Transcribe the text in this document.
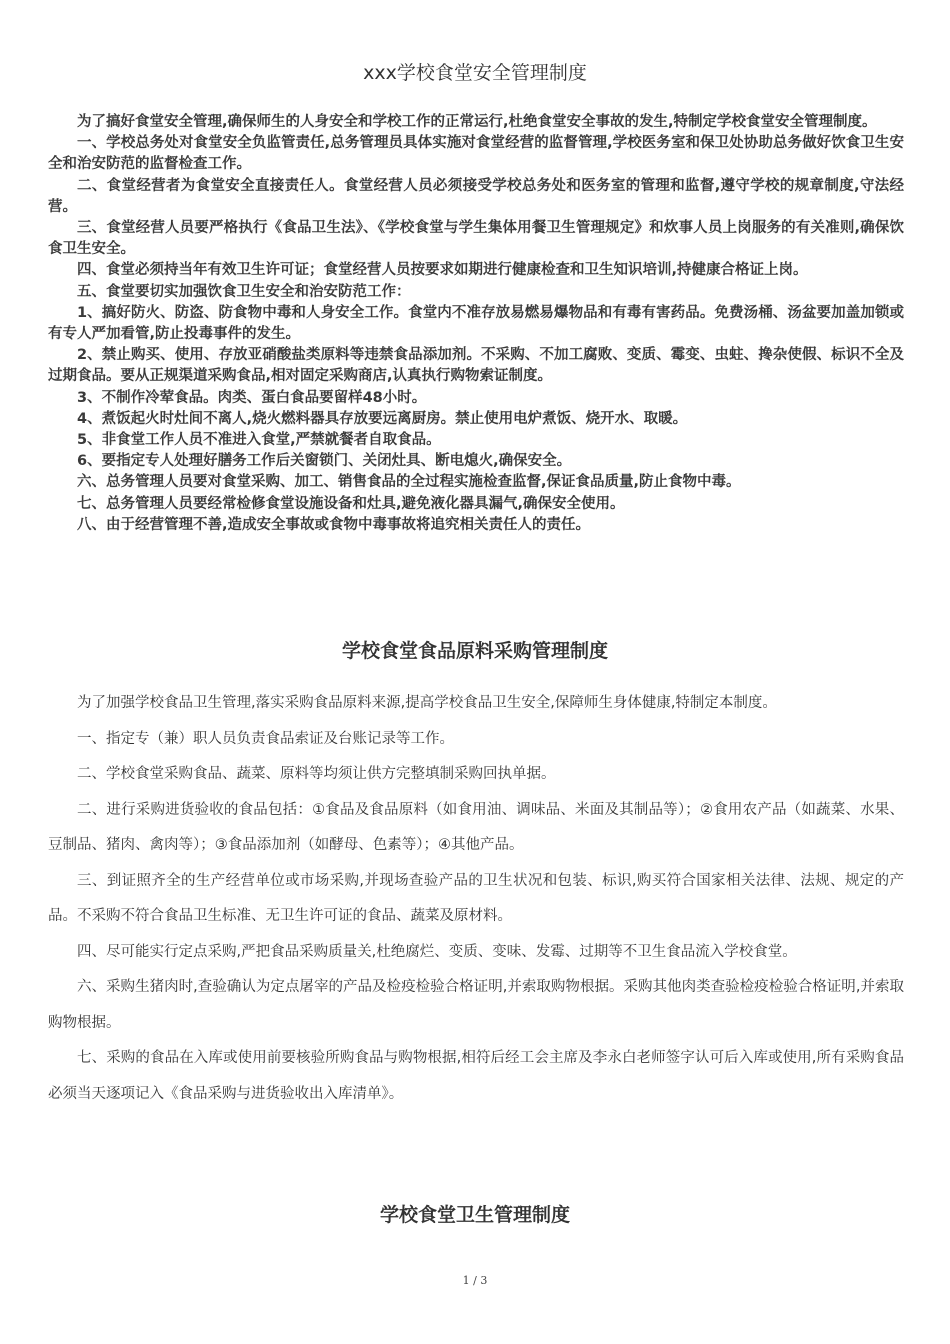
xxx学校食堂安全管理制度

为了搞好食堂安全管理,确保师生的人身安全和学校工作的正常运行,杜绝食堂安全事故的发生,特制定学校食堂安全管理制度。

一、学校总务处对食堂安全负监管责任,总务管理员具体实施对食堂经营的监督管理,学校医务室和保卫处协助总务做好饮食卫生安全和治安防范的监督检查工作。

二、食堂经营者为食堂安全直接责任人。食堂经营人员必须接受学校总务处和医务室的管理和监督,遵守学校的规章制度,守法经营。

三、食堂经营人员要严格执行《食品卫生法》、《学校食堂与学生集体用餐卫生管理规定》和炊事人员上岗服务的有关准则,确保饮食卫生安全。

四、食堂必须持当年有效卫生许可证；食堂经营人员按要求如期进行健康检查和卫生知识培训,持健康合格证上岗。

五、食堂要切实加强饮食卫生安全和治安防范工作：

1、搞好防火、防盗、防食物中毒和人身安全工作。食堂内不准存放易燃易爆物品和有毒有害药品。免费汤桶、汤盆要加盖加锁或有专人严加看管,防止投毒事件的发生。

2、禁止购买、使用、存放亚硝酸盐类原料等违禁食品添加剂。不采购、不加工腐败、变质、霉变、虫蛀、搀杂使假、标识不全及过期食品。要从正规渠道采购食品,相对固定采购商店,认真执行购物索证制度。

3、不制作冷荤食品。肉类、蛋白食品要留样48小时。

4、煮饭起火时灶间不离人,烧火燃料器具存放要远离厨房。禁止使用电炉煮饭、烧开水、取暖。

5、非食堂工作人员不准进入食堂,严禁就餐者自取食品。

6、要指定专人处理好膳务工作后关窗锁门、关闭灶具、断电熄火,确保安全。

六、总务管理人员要对食堂采购、加工、销售食品的全过程实施检查监督,保证食品质量,防止食物中毒。

七、总务管理人员要经常检修食堂设施设备和灶具,避免液化器具漏气,确保安全使用。

八、由于经营管理不善,造成安全事故或食物中毒事故将追究相关责任人的责任。

学校食堂食品原料采购管理制度

为了加强学校食品卫生管理,落实采购食品原料来源,提高学校食品卫生安全,保障师生身体健康,特制定本制度。

一、指定专（兼）职人员负责食品索证及台账记录等工作。

二、学校食堂采购食品、蔬菜、原料等均须让供方完整填制采购回执单据。

二、进行采购进货验收的食品包括：①食品及食品原料（如食用油、调味品、米面及其制品等）；②食用农产品（如蔬菜、水果、豆制品、猪肉、禽肉等）；③食品添加剂（如酵母、色素等）；④其他产品。

三、到证照齐全的生产经营单位或市场采购,并现场查验产品的卫生状况和包装、标识,购买符合国家相关法律、法规、规定的产品。不采购不符合食品卫生标准、无卫生许可证的食品、蔬菜及原材料。

四、尽可能实行定点采购,严把食品采购质量关,杜绝腐烂、变质、变味、发霉、过期等不卫生食品流入学校食堂。

六、采购生猪肉时,查验确认为定点屠宰的产品及检疫检验合格证明,并索取购物根据。采购其他肉类查验检疫检验合格证明,并索取购物根据。

七、采购的食品在入库或使用前要核验所购食品与购物根据,相符后经工会主席及李永白老师签字认可后入库或使用,所有采购食品必须当天逐项记入《食品采购与进货验收出入库清单》。

学校食堂卫生管理制度
1 / 3
